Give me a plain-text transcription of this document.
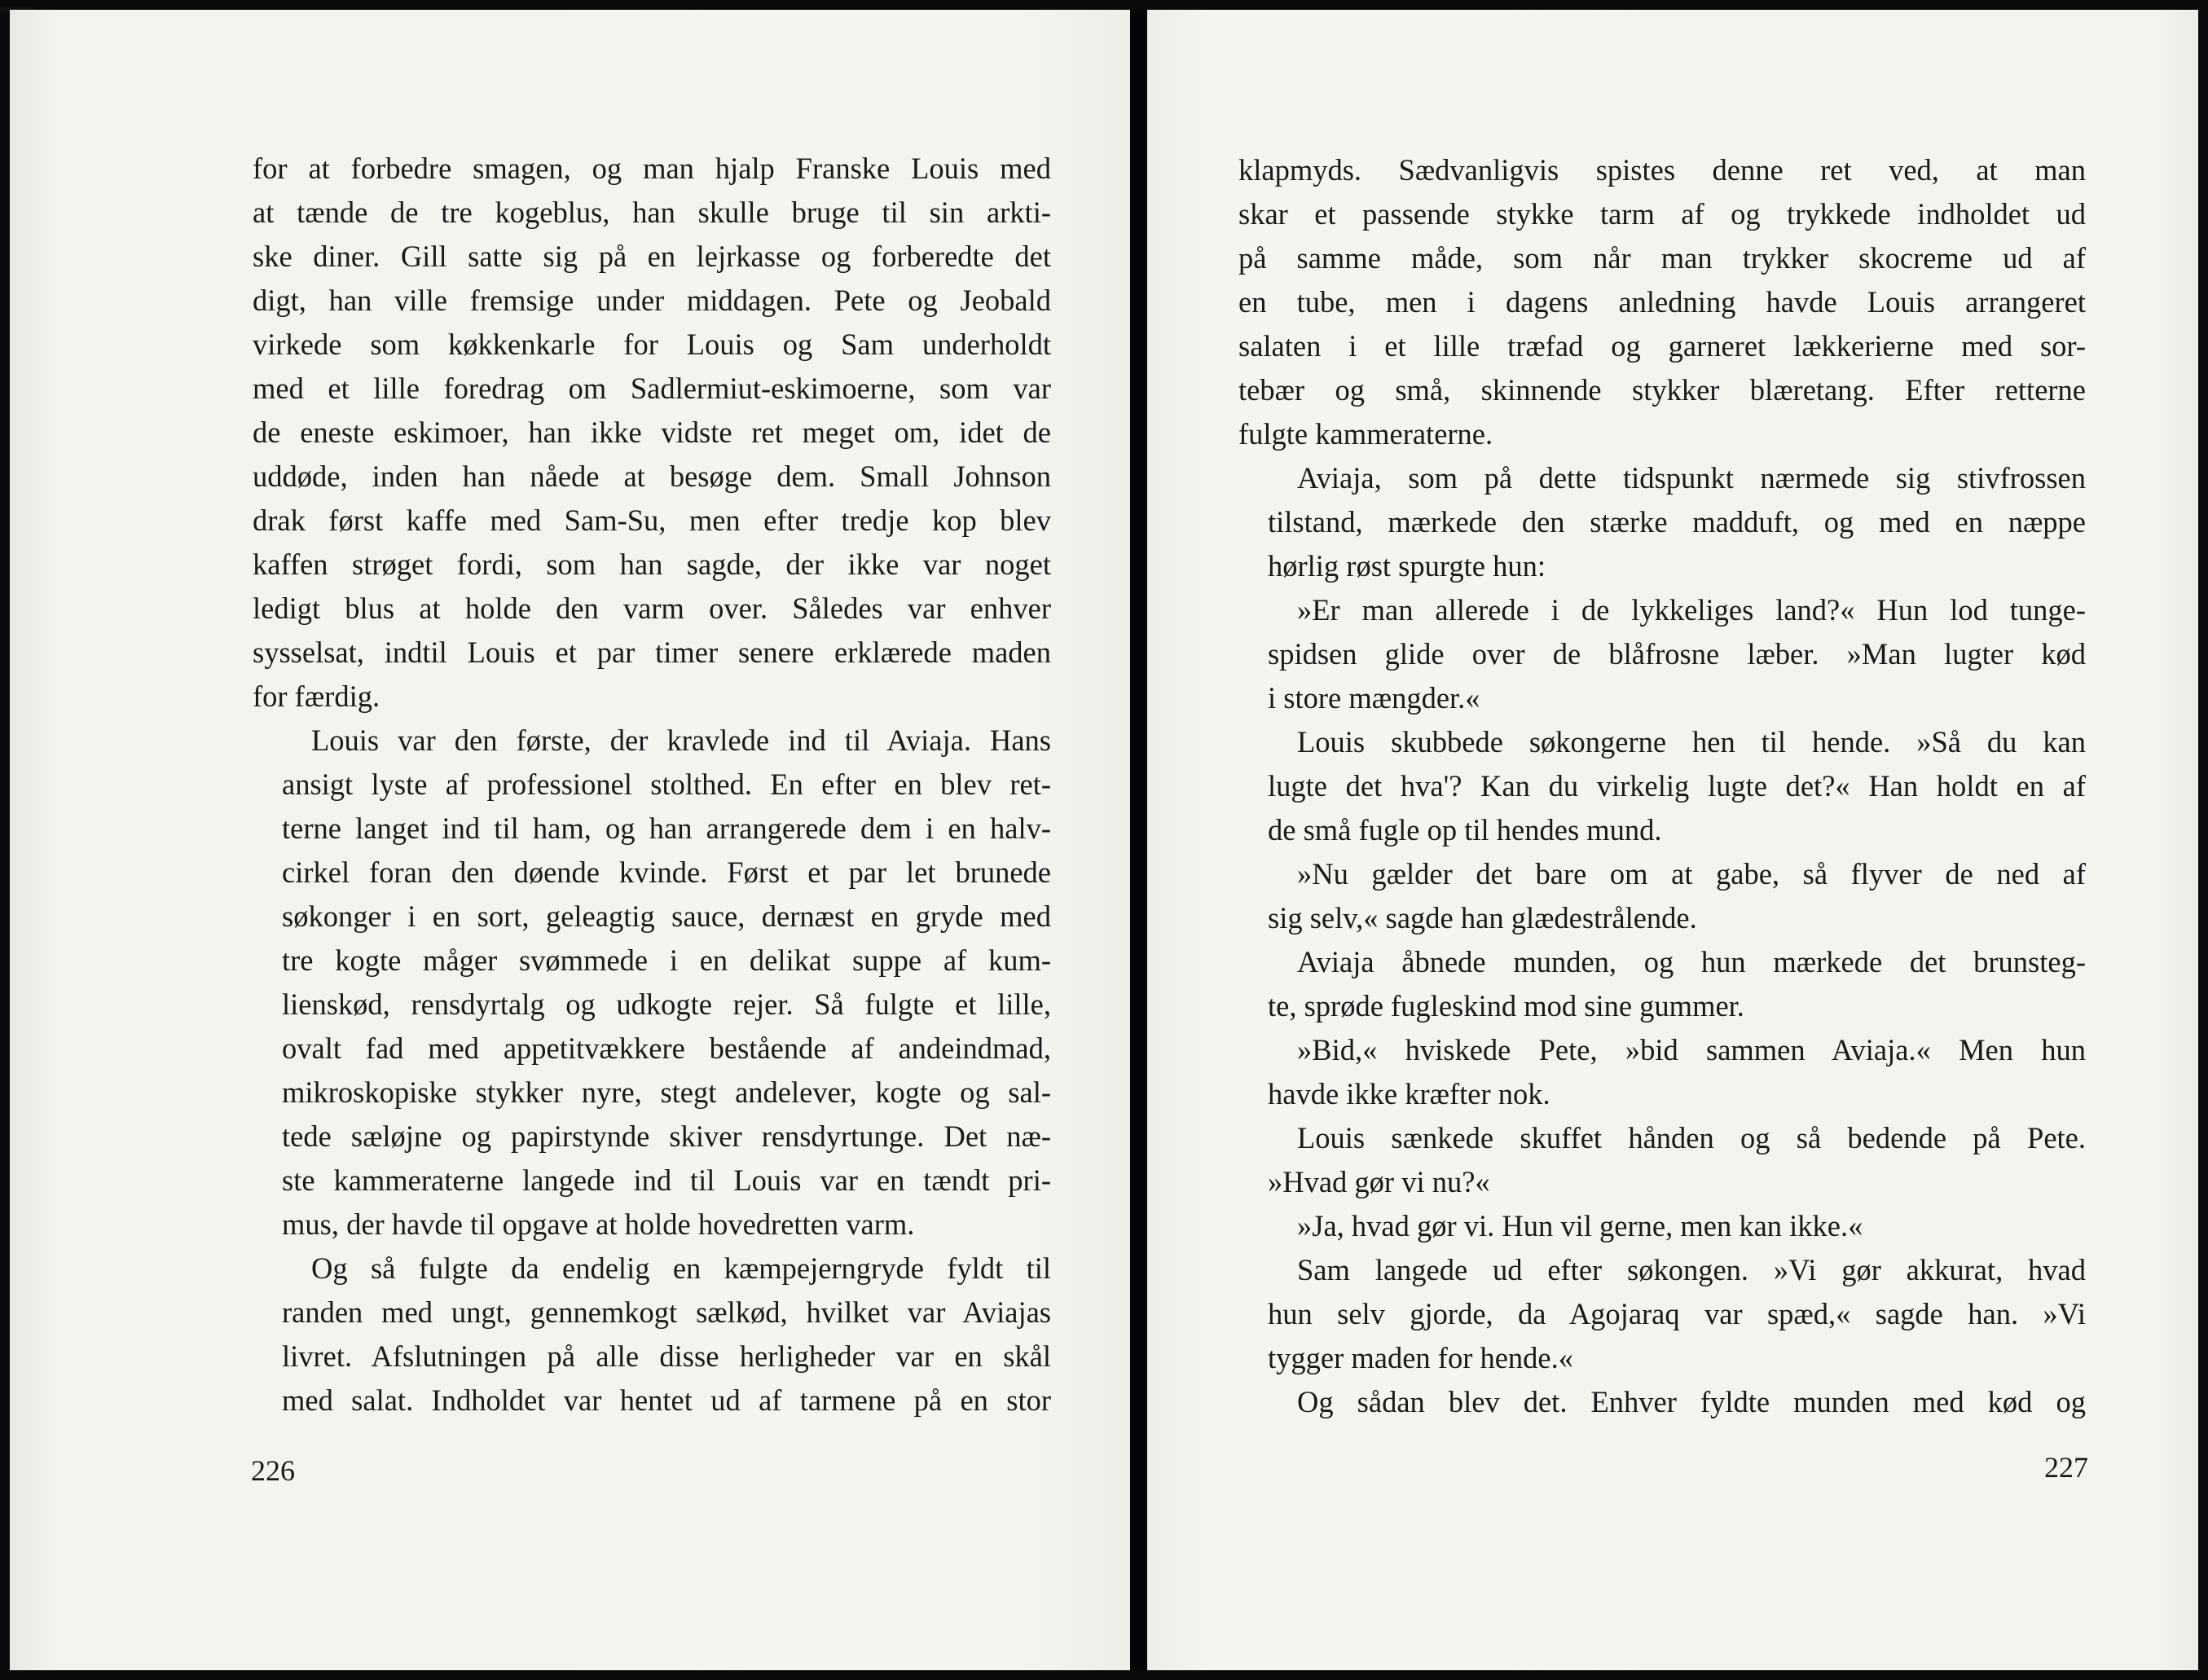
for at forbedre smagen, og man hjalp Franske Louis med
at tænde de tre kogeblus, han skulle bruge til sin arkti-
ske diner. Gill satte sig på en lejrkasse og forberedte det
digt, han ville fremsige under middagen. Pete og Jeobald
virkede som køkkenkarle for Louis og Sam underholdt
med et lille foredrag om Sadlermiut-eskimoerne, som var
de eneste eskimoer, han ikke vidste ret meget om, idet de
uddøde, inden han nåede at besøge dem. Small Johnson
drak først kaffe med Sam-Su, men efter tredje kop blev
kaffen strøget fordi, som han sagde, der ikke var noget
ledigt blus at holde den varm over. Således var enhver
sysselsat, indtil Louis et par timer senere erklærede maden
for færdig.
Louis var den første, der kravlede ind til Aviaja. Hans
ansigt lyste af professionel stolthed. En efter en blev ret-
terne langet ind til ham, og han arrangerede dem i en halv-
cirkel foran den døende kvinde. Først et par let brunede
søkonger i en sort, geleagtig sauce, dernæst en gryde med
tre kogte måger svømmede i en delikat suppe af kum-
lienskød, rensdyrtalg og udkogte rejer. Så fulgte et lille,
ovalt fad med appetitvækkere bestående af andeindmad,
mikroskopiske stykker nyre, stegt andelever, kogte og sal-
tede sæløjne og papirstynde skiver rensdyrtunge. Det næ-
ste kammeraterne langede ind til Louis var en tændt pri-
mus, der havde til opgave at holde hovedretten varm.
Og så fulgte da endelig en kæmpejerngryde fyldt til
randen med ungt, gennemkogt sælkød, hvilket var Aviajas
livret. Afslutningen på alle disse herligheder var en skål
med salat. Indholdet var hentet ud af tarmene på en stor
226
klapmyds. Sædvanligvis spistes denne ret ved, at man
skar et passende stykke tarm af og trykkede indholdet ud
på samme måde, som når man trykker skocreme ud af
en tube, men i dagens anledning havde Louis arrangeret
salaten i et lille træfad og garneret lækkerierne med sor-
tebær og små, skinnende stykker blæretang. Efter retterne
fulgte kammeraterne.
Aviaja, som på dette tidspunkt nærmede sig stivfrossen
tilstand, mærkede den stærke madduft, og med en næppe
hørlig røst spurgte hun:
»Er man allerede i de lykkeliges land?« Hun lod tunge-
spidsen glide over de blåfrosne læber. »Man lugter kød
i store mængder.«
Louis skubbede søkongerne hen til hende. »Så du kan
lugte det hva'? Kan du virkelig lugte det?« Han holdt en af
de små fugle op til hendes mund.
»Nu gælder det bare om at gabe, så flyver de ned af
sig selv,« sagde han glædestrålende.
Aviaja åbnede munden, og hun mærkede det brunsteg-
te, sprøde fugleskind mod sine gummer.
»Bid,« hviskede Pete, »bid sammen Aviaja.« Men hun
havde ikke kræfter nok.
Louis sænkede skuffet hånden og så bedende på Pete.
»Hvad gør vi nu?«
»Ja, hvad gør vi. Hun vil gerne, men kan ikke.«
Sam langede ud efter søkongen. »Vi gør akkurat, hvad
hun selv gjorde, da Agojaraq var spæd,« sagde han. »Vi
tygger maden for hende.«
Og sådan blev det. Enhver fyldte munden med kød og
227
